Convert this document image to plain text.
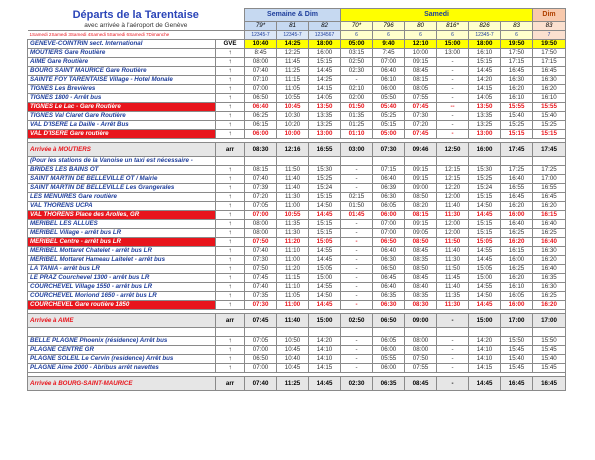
Départs de la Tarentaise		Semaine & Dim			Samedi						Dim
avec arrivée à l'aéroport de Genève		79*	81	82	70*	796	80	816*	826	83	83
1Samedi 2Samedi 3Samedi 4Samedi 5Samedi 6Samedi 7Dimanche		12345-7	12345-7	1234567	6	6	6	6	12345-7	6	7
GENEVE-COINTRIN sect. International	GVE	10:40	14:25	18:00	05:00	9:40	12:10	15:00	18:00	19:50	19:50
MOUTIERS Gare Routière	↑	8:45	12:25	16:00	03:15	7:45	10:00	13:00	16:10	17:50	17:50
AIME Gare Routière	↑	08:00	11:45	15:15	02:50	07:00	09:15	-	15:15	17:15	17:15
BOURG SAINT MAURICE Gare Routière	↑	07:40	11:25	14:45	02:30	06:40	08:45	-	14:45	16:45	16:45
SAINTE FOY TARENTAISE Village - Hotel Monale	↑	07:10	11:15	14:25	-	06:10	08:15	-	14:20	16:30	16:30
TIGNES Les Brevières	↑	07:00	11:05	14:15	02:10	06:00	08:05	-	14:15	16:20	16:20
TIGNES 1800 - Arrêt bus	↑	06:50	10:55	14:05	02:00	05:50	07:55	-	14:05	16:10	16:10
TIGNES Le Lac - Gare Routière	↑	06:40	10:45	13:50	01:50	05:40	07:45	--	13:50	15:55	15:55
TIGNES Val Claret Gare Routière	↑	06:25	10:30	13:35	01:35	05:25	07:30	-	13:35	15:40	15:40
VAL D'ISERE La Daille - Arrêt Bus	↑	06:15	10:20	13:25	01:25	05:15	07:20	-	13:25	15:25	15:25
VAL D'ISERE Gare routière	↑	06:00	10:00	13:00	01:10	05:00	07:45	-	13:00	15:15	15:15

Arrivée à MOUTIERS	arr	08:30	12:16	16:55	03:00	07:30	09:46	12:50	16:00	17:45	17:45
(Pour les stations de la Vanoise un taxi est nécessaire -											
BRIDES LES BAINS OT	↑	08:15	11:50	15:30	-	07:15	09:15	12:15	15:30	17:25	17:25
SAINT MARTIN DE BELLEVILLE OT / Mairie	↑	07:40	11:40	15:25	-	06:40	09:15	12:15	15:25	16:40	17:00
SAINT MARTIN DE BELLEVILLE Les Grangerales	↑	07:39	11:40	15:24	-	06:39	09:00	12:20	15:24	16:55	16:55
LES MENUIRES Gare routière	↑	07:20	11:30	15:15	02:15	06:30	08:50	12:00	15:15	16:45	16:45
VAL THORENS UCPA	↑	07:05	11:00	14:50	01:50	06:05	08:20	11:40	14:50	16:20	16:20
VAL THORENS Place des Arolles, GR	↑	07:00	10:55	14:45	01:45	06:00	08:15	11:30	14:45	16:00	16:15
MERIBEL LES ALLUES	↑	08:00	11:35	15:15	-	07:00	09:15	12:00	15:15	16:40	16:40
MERIBEL Village - arrêt bus LR	↑	08:00	11:30	15:15	-	07:00	09:05	12:00	15:15	16:25	16:25
MERIBEL Centre - arrêt bus LR	↑	07:50	11:20	15:05	-	06:50	08:50	11:50	15:05	16:20	16:40
MERIBEL Mottaret Chatelet - arrêt bus LR	↑	07:40	11:10	14:55	-	06:40	08:45	11:40	14:55	16:15	16:30
MERIBEL Mottaret Hameau Laitelet - arrêt bus	↑	07:30	11:00	14:45	-	06:30	08:35	11:30	14:45	16:00	16:20
LA TANIA - arrêt bus LR	↑	07:50	11:20	15:05	-	06:50	08:50	11:50	15:05	16:25	16:40
LE PRAZ Courchevel 1300 - arrêt bus LR	↑	07:45	11:15	15:00	-	06:45	08:45	11:45	15:00	16:20	16:35
COURCHEVEL Village 1550 - arrêt bus LR	↑	07:40	11:10	14:55	-	06:40	08:40	11:40	14:55	16:10	16:30
COURCHEVEL Moriond 1650 - arrêt bus LR	↑	07:35	11:05	14:50	-	06:35	08:35	11:35	14:50	16:05	16:25
COURCHEVEL Gare routière 1850	↑	07:30	11:00	14:45	-	06:30	08:30	11:30	14:45	16:00	16:20

Arrivée à AIME	arr	07:45	11:40	15:00	02:50	06:50	09:00	-	15:00	17:00	17:00

BELLE PLAGNE Phoenix (résidence) Arrêt bus	↑	07:05	10:50	14:20	-	06:05	08:00	-	14:20	15:50	15:50
PLAGNE CENTRE GR	↑	07:00	10:45	14:10	-	06:00	08:00	-	14:10	15:45	15:45
PLAGNE SOLEIL Le Cervin (residence) Arrêt bus	↑	06:50	10:40	14:10	-	05:55	07:50	-	14:10	15:40	15:40
PLAGNE Aime 2000 - Abribus arrêt navettes	↑	07:00	10:45	14:15	-	06:00	07:55	-	14:15	15:45	15:45

Arrivée à BOURG-SAINT-MAURICE	arr	07:40	11:25	14:45	02:30	06:35	08:45	-	14:45	16:45	16:45
